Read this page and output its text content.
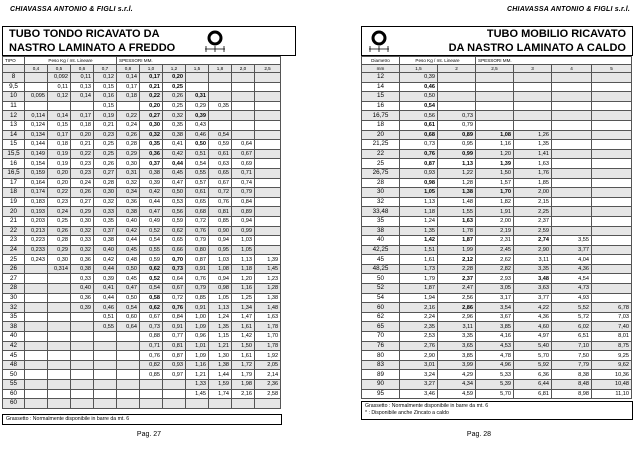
CHIAVASSA ANTONIO & FIGLI s.r.l.
TUBO TONDO RICAVATO DA
NASTRO LAMINATO A FREDDO
TIPO	Peso Kg / mt. Lineare				SPESSORI MM.						
	0,4	0,5	0,6	0,7	0,8	1,0	1,2	1,5	1,8	2,0	2,5
8		0,092	0,11	0,12	0,14	0,17	0,20				
9,5		0,11	0,13	0,15	0,17	0,21	0,25				
10	0,095	0,12	0,14	0,16	0,18	0,22	0,26	0,31			
11				0,15		0,20	0,25	0,29	0,35		
12	0,114	0,14	0,17	0,19	0,22	0,27	0,32	0,39			
13	0,124	0,15	0,18	0,21	0,24	0,30	0,35	0,43			
14	0,134	0,17	0,20	0,23	0,26	0,32	0,38	0,46	0,54		
15	0,144	0,18	0,21	0,25	0,28	0,35	0,41	0,50	0,59	0,64	
15,5	0,149	0,19	0,22	0,25	0,29	0,36	0,42	0,51	0,61	0,67	
16	0,154	0,19	0,23	0,26	0,30	0,37	0,44	0,54	0,63	0,69	
16,5	0,159	0,20	0,23	0,27	0,31	0,38	0,45	0,55	0,65	0,71	
17	0,164	0,20	0,24	0,28	0,32	0,39	0,47	0,57	0,67	0,74	
18	0,174	0,22	0,26	0,30	0,34	0,42	0,50	0,61	0,72	0,79	
19	0,183	0,23	0,27	0,32	0,36	0,44	0,53	0,65	0,76	0,84	
20	0,193	0,24	0,29	0,33	0,38	0,47	0,56	0,68	0,81	0,89	
21	0,203	0,25	0,30	0,35	0,40	0,49	0,59	0,72	0,85	0,94	
22	0,213	0,26	0,32	0,37	0,42	0,52	0,62	0,76	0,90	0,99	
23	0,223	0,28	0,33	0,38	0,44	0,54	0,65	0,79	0,94	1,03	
24	0,233	0,29	0,32	0,40	0,45	0,55	0,66	0,80	0,95	1,05	
25	0,243	0,30	0,36	0,42	0,48	0,59	0,70	0,87	1,03	1,13	1,39
26		0,314	0,38	0,44	0,50	0,62	0,73	0,91	1,08	1,18	1,45
27			0,33	0,39	0,45	0,52	0,64	0,76	0,94	1,20	1,23
28			0,40	0,41	0,47	0,54	0,67	0,79	0,98	1,16	1,28
30			0,36	0,44	0,50	0,58	0,72	0,85	1,05	1,25	1,38
32			0,39	0,46	0,54	0,62	0,76	0,91	1,13	1,34	1,48
35				0,51	0,60	0,67	0,84	1,00	1,24	1,47	1,63
38				0,55	0,64	0,73	0,91	1,09	1,35	1,61	1,78
40						0,88	0,77	0,96	1,15	1,42	1,70
42						0,71	0,81	1,01	1,21	1,50	1,78
45						0,76	0,87	1,09	1,30	1,61	1,92
48						0,82	0,93	1,16	1,38	1,72	2,05
50						0,85	0,97	1,21	1,44	1,79	2,14
55								1,33	1,59	1,98	2,36
60								1,45	1,74	2,16	2,58
60											
Grassetto : Normalmente disponibile in barre da mt. 6
Pag. 27
CHIAVASSA ANTONIO & FIGLI s.r.l.
TUBO MOBILIO RICAVATO
DA NASTRO LAMINATO A CALDO
Diametro	Peso Kg / mt. Lineare		SPESSORI MM.			
mm	1,5	2	2,5	3	4	5
12	0,39					
14	0,46					
15	0,50					
16	0,54					
16,75	0,56	0,73				
18	0,61	0,79				
20	0,68	0,89	1,08	1,26		
21,25	0,73	0,95	1,16	1,35		
22	0,76	0,99	1,20	1,41		
25	0,87	1,13	1,39	1,63		
26,75	0,93	1,22	1,50	1,76		
28	0,98	1,28	1,57	1,85		
30	1,05	1,38	1,70	2,00		
32	1,13	1,48	1,82	2,15		
33,48	1,18	1,55	1,91	2,25		
35	1,24	1,63	2,00	2,37		
38	1,35	1,78	2,19	2,59		
40	1,42	1,87	2,31	2,74	3,55	
42,25	1,51	1,99	2,45	2,90	3,77	
45	1,61	2,12	2,62	3,11	4,04	
48,25	1,73	2,28	2,82	3,35	4,36	
50	1,79	2,37	2,93	3,48	4,54	
52	1,87	2,47	3,05	3,63	4,73	
54	1,94	2,56	3,17	3,77	4,93	
60	2,16	2,86	3,54	4,22	5,52	6,78
62	2,24	2,96	3,67	4,36	5,72	7,03
65	2,35	3,11	3,85	4,60	6,02	7,40
70	2,53	3,35	4,16	4,97	6,51	8,01
76	2,76	3,65	4,53	5,40	7,10	8,75
80	2,90	3,85	4,78	5,70	7,50	9,25
83	3,01	3,99	4,96	5,92	7,79	9,62
89	3,24	4,29	5,33	6,36	8,38	10,36
90	3,27	4,34	5,39	6,44	8,48	10,48
95	3,46	4,59	5,70	6,81	8,98	11,10
Grassetto : Normalmente disponibile in barre da mt. 6
* : Disponibile anche Zincato a caldo
Pag. 28
